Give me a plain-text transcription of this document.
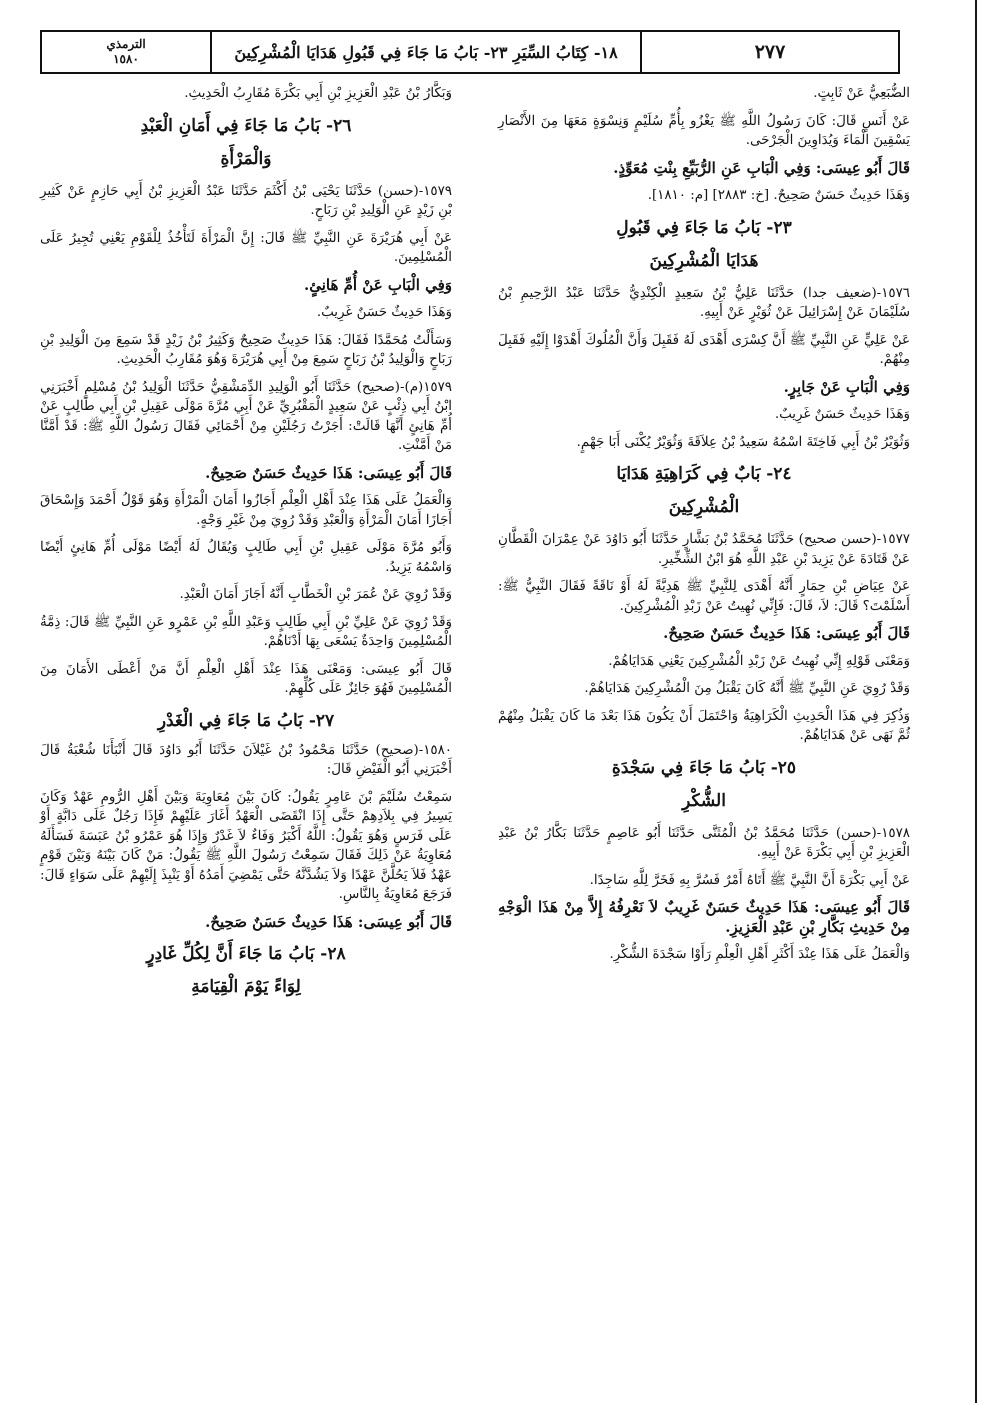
الترمذي
١٥٨٠	١٨- كِتَابُ السِّيَرِ ٢٣- بَابُ مَا جَاءَ فِي قَبُولِ هَدَايَا الْمُشْرِكِينَ	٢٧٧

الضُّبَعِيُّ عَنْ ثَابِتٍ.

عَنْ أَنَسٍ قَالَ: كَانَ رَسُولُ اللَّهِ ﷺ يَغْزُو بِأُمِّ سُلَيْمٍ وَنِسْوَةٍ مَعَهَا مِنَ الأَنْصَارِ يَسْقِينَ الْمَاءَ وَيُدَاوِينَ الْجَرْحَى.

قَالَ أَبُو عِيسَى: وَفِي الْبَابِ عَنِ الرُّبَيِّعِ بِنْتِ مُعَوِّذٍ.

وَهَذَا حَدِيثٌ حَسَنٌ صَحِيحٌ. [خ: ٢٨٨٣] [م: ١٨١٠].

٢٣- بَابُ مَا جَاءَ فِي قَبُولِ
هَدَايَا الْمُشْرِكِينَ

١٥٧٦-(ضعيف جدا) حَدَّثَنَا عَلِيُّ بْنُ سَعِيدٍ الْكِنْدِيُّ حَدَّثَنَا عَبْدُ الرَّحِيمِ بْنُ سُلَيْمَانَ عَنْ إِسْرَائِيلَ عَنْ ثُوَيْرٍ عَنْ أَبِيهِ.

عَنْ عَلِيٍّ عَنِ النَّبِيِّ ﷺ أَنَّ كِسْرَى أَهْدَى لَهُ فَقَبِلَ وَأَنَّ الْمُلُوكَ أَهْدَوْا إِلَيْهِ فَقَبِلَ مِنْهُمْ.

وَفِي الْبَابِ عَنْ جَابِرٍ.

وَهَذَا حَدِيثٌ حَسَنٌ غَرِيبٌ.

وَثُوَيْرُ بْنُ أَبِي فَاخِتَةَ اسْمُهُ سَعِيدُ بْنُ عِلاَقَةَ وَثُوَيْرٌ يُكْنَى أَبَا جَهْمٍ.

٢٤- بَابٌ فِي كَرَاهِيَةِ هَدَايَا
الْمُشْرِكِينَ

١٥٧٧-(حسن صحيح) حَدَّثَنَا مُحَمَّدُ بْنُ بَشَّارٍ حَدَّثَنَا أَبُو دَاوُدَ عَنْ عِمْرَانَ الْقَطَّانِ عَنْ قَتَادَةَ عَنْ يَزِيدَ بْنِ عَبْدِ اللَّهِ هُوَ ابْنُ الشِّخِّيرِ.

عَنْ عِيَاضِ بْنِ حِمَارٍ أَنَّهُ أَهْدَى لِلنَّبِيِّ ﷺ هَدِيَّةً لَهُ أَوْ نَاقَةً فَقَالَ النَّبِيُّ ﷺ: أَسْلَمْتَ؟ قَالَ: لاَ، قَالَ: فَإِنِّي نُهِيتُ عَنْ زَبْدِ الْمُشْرِكِينَ.

قَالَ أَبُو عِيسَى: هَذَا حَدِيثٌ حَسَنٌ صَحِيحٌ.

وَمَعْنَى قَوْلِهِ إِنِّي نُهِيتُ عَنْ زَبْدِ الْمُشْرِكِينَ يَعْنِي هَدَايَاهُمْ.

وَقَدْ رُوِيَ عَنِ النَّبِيِّ ﷺ أَنَّهُ كَانَ يَقْبَلُ مِنَ الْمُشْرِكِينَ هَدَايَاهُمْ.

وَذُكِرَ فِي هَذَا الْحَدِيثِ الْكَرَاهِيَةُ وَاحْتَمَلَ أَنْ يَكُونَ هَذَا بَعْدَ مَا كَانَ يَقْبَلُ مِنْهُمْ ثُمَّ نَهَى عَنْ هَدَايَاهُمْ.

٢٥- بَابُ مَا جَاءَ فِي سَجْدَةِ
الشُّكْرِ

١٥٧٨-(حسن) حَدَّثَنَا مُحَمَّدُ بْنُ الْمُثَنَّى حَدَّثَنَا أَبُو عَاصِمٍ حَدَّثَنَا بَكَّارُ بْنُ عَبْدِ الْعَزِيزِ بْنِ أَبِي بَكْرَةَ عَنْ أَبِيهِ.

عَنْ أَبِي بَكْرَةَ أَنَّ النَّبِيَّ ﷺ أَتَاهُ أَمْرٌ فَسُرَّ بِهِ فَخَرَّ لِلَّهِ سَاجِدًا.

قَالَ أَبُو عِيسَى: هَذَا حَدِيثٌ حَسَنٌ غَرِيبٌ لاَ نَعْرِفُهُ إِلاَّ مِنْ هَذَا الْوَجْهِ مِنْ حَدِيثِ بَكَّارِ بْنِ عَبْدِ الْعَزِيزِ.

وَالْعَمَلُ عَلَى هَذَا عِنْدَ أَكْثَرِ أَهْلِ الْعِلْمِ رَأَوْا سَجْدَةَ الشُّكْرِ.

وَبَكَّارُ بْنُ عَبْدِ الْعَزِيزِ بْنِ أَبِي بَكْرَةَ مُقَارِبُ الْحَدِيثِ.

٢٦- بَابُ مَا جَاءَ فِي أَمَانِ الْعَبْدِ
وَالْمَرْأَةِ

١٥٧٩-(حسن) حَدَّثَنَا يَحْيَى بْنُ أَكْثَمَ حَدَّثَنَا عَبْدُ الْعَزِيزِ بْنُ أَبِي حَازِمٍ عَنْ كَثِيرِ بْنِ زَيْدٍ عَنِ الْوَلِيدِ بْنِ رَبَاحٍ.

عَنْ أَبِي هُرَيْرَةَ عَنِ النَّبِيِّ ﷺ قَالَ: إِنَّ الْمَرْأَةَ لَتَأْخُذُ لِلْقَوْمِ يَعْنِي تُجِيرُ عَلَى الْمُسْلِمِينَ.

وَفِي الْبَابِ عَنْ أُمِّ هَانِئٍ.

وَهَذَا حَدِيثٌ حَسَنٌ غَرِيبٌ.

وَسَأَلْتُ مُحَمَّدًا فَقَالَ: هَذَا حَدِيثٌ صَحِيحٌ وَكَثِيرُ بْنُ زَيْدٍ قَدْ سَمِعَ مِنَ الْوَلِيدِ بْنِ رَبَاحٍ وَالْوَلِيدُ بْنُ رَبَاحٍ سَمِعَ مِنْ أَبِي هُرَيْرَةَ وَهُوَ مُقَارِبُ الْحَدِيثِ.

١٥٧٩(م)-(صحيح) حَدَّثَنَا أَبُو الْوَلِيدِ الدِّمَشْقِيُّ حَدَّثَنَا الْوَلِيدُ بْنُ مُسْلِمٍ أَخْبَرَنِي ابْنُ أَبِي ذِئْبٍ عَنْ سَعِيدٍ الْمَقْبُرِيِّ عَنْ أَبِي مُرَّةَ مَوْلَى عَقِيلِ بْنِ أَبِي طَالِبٍ عَنْ أُمِّ هَانِئٍ أَنَّهَا قَالَتْ: أَجَرْتُ رَجُلَيْنِ مِنْ أَحْمَائِي فَقَالَ رَسُولُ اللَّهِ ﷺ: قَدْ أَمَّنَّا مَنْ أَمَّنْتِ.

قَالَ أَبُو عِيسَى: هَذَا حَدِيثٌ حَسَنٌ صَحِيحٌ.

وَالْعَمَلُ عَلَى هَذَا عِنْدَ أَهْلِ الْعِلْمِ أَجَازُوا أَمَانَ الْمَرْأَةِ وَهُوَ قَوْلُ أَحْمَدَ وَإِسْحَاقَ أَجَازَا أَمَانَ الْمَرْأَةِ وَالْعَبْدِ وَقَدْ رُوِيَ مِنْ غَيْرِ وَجْهٍ.

وَأَبُو مُرَّةَ مَوْلَى عَقِيلِ بْنِ أَبِي طَالِبٍ وَيُقَالُ لَهُ أَيْضًا مَوْلَى أُمِّ هَانِئٍ أَيْضًا وَاسْمُهُ يَزِيدُ.

وَقَدْ رُوِيَ عَنْ عُمَرَ بْنِ الْخَطَّابِ أَنَّهُ أَجَازَ أَمَانَ الْعَبْدِ.

وَقَدْ رُوِيَ عَنْ عَلِيِّ بْنِ أَبِي طَالِبٍ وَعَبْدِ اللَّهِ بْنِ عَمْرٍو عَنِ النَّبِيِّ ﷺ قَالَ: ذِمَّةُ الْمُسْلِمِينَ وَاحِدَةٌ يَسْعَى بِهَا أَدْنَاهُمْ.

قَالَ أَبُو عِيسَى: وَمَعْنَى هَذَا عِنْدَ أَهْلِ الْعِلْمِ أَنَّ مَنْ أَعْطَى الأَمَانَ مِنَ الْمُسْلِمِينَ فَهُوَ جَائِزٌ عَلَى كُلِّهِمْ.

٢٧- بَابُ مَا جَاءَ فِي الْغَدْرِ

١٥٨٠-(صحيح) حَدَّثَنَا مَحْمُودُ بْنُ غَيْلاَنَ حَدَّثَنَا أَبُو دَاوُدَ قَالَ أَنْبَأَنَا شُعْبَةُ قَالَ أَخْبَرَنِي أَبُو الْفَيْضِ قَالَ:

سَمِعْتُ سُلَيْمَ بْنَ عَامِرٍ يَقُولُ: كَانَ بَيْنَ مُعَاوِيَةَ وَبَيْنَ أَهْلِ الرُّومِ عَهْدٌ وَكَانَ يَسِيرُ فِي بِلاَدِهِمْ حَتَّى إِذَا انْقَضَى الْعَهْدُ أَغَارَ عَلَيْهِمْ فَإِذَا رَجُلٌ عَلَى دَابَّةٍ أَوْ عَلَى فَرَسٍ وَهُوَ يَقُولُ: اللَّهُ أَكْبَرُ وَفَاءٌ لاَ غَدْرٌ وَإِذَا هُوَ عَمْرُو بْنُ عَبَسَةَ فَسَأَلَهُ مُعَاوِيَةُ عَنْ ذَلِكَ فَقَالَ سَمِعْتُ رَسُولَ اللَّهِ ﷺ يَقُولُ: مَنْ كَانَ بَيْنَهُ وَبَيْنَ قَوْمٍ عَهْدٌ فَلاَ يَحُلَّنَّ عَهْدًا وَلاَ يَشُدَّنَّهُ حَتَّى يَمْضِيَ أَمَدُهُ أَوْ يَنْبِذَ إِلَيْهِمْ عَلَى سَوَاءٍ قَالَ: فَرَجَعَ مُعَاوِيَةُ بِالنَّاسِ.

قَالَ أَبُو عِيسَى: هَذَا حَدِيثٌ حَسَنٌ صَحِيحٌ.

٢٨- بَابُ مَا جَاءَ أَنَّ لِكُلِّ غَادِرٍ
لِوَاءً يَوْمَ الْقِيَامَةِ
